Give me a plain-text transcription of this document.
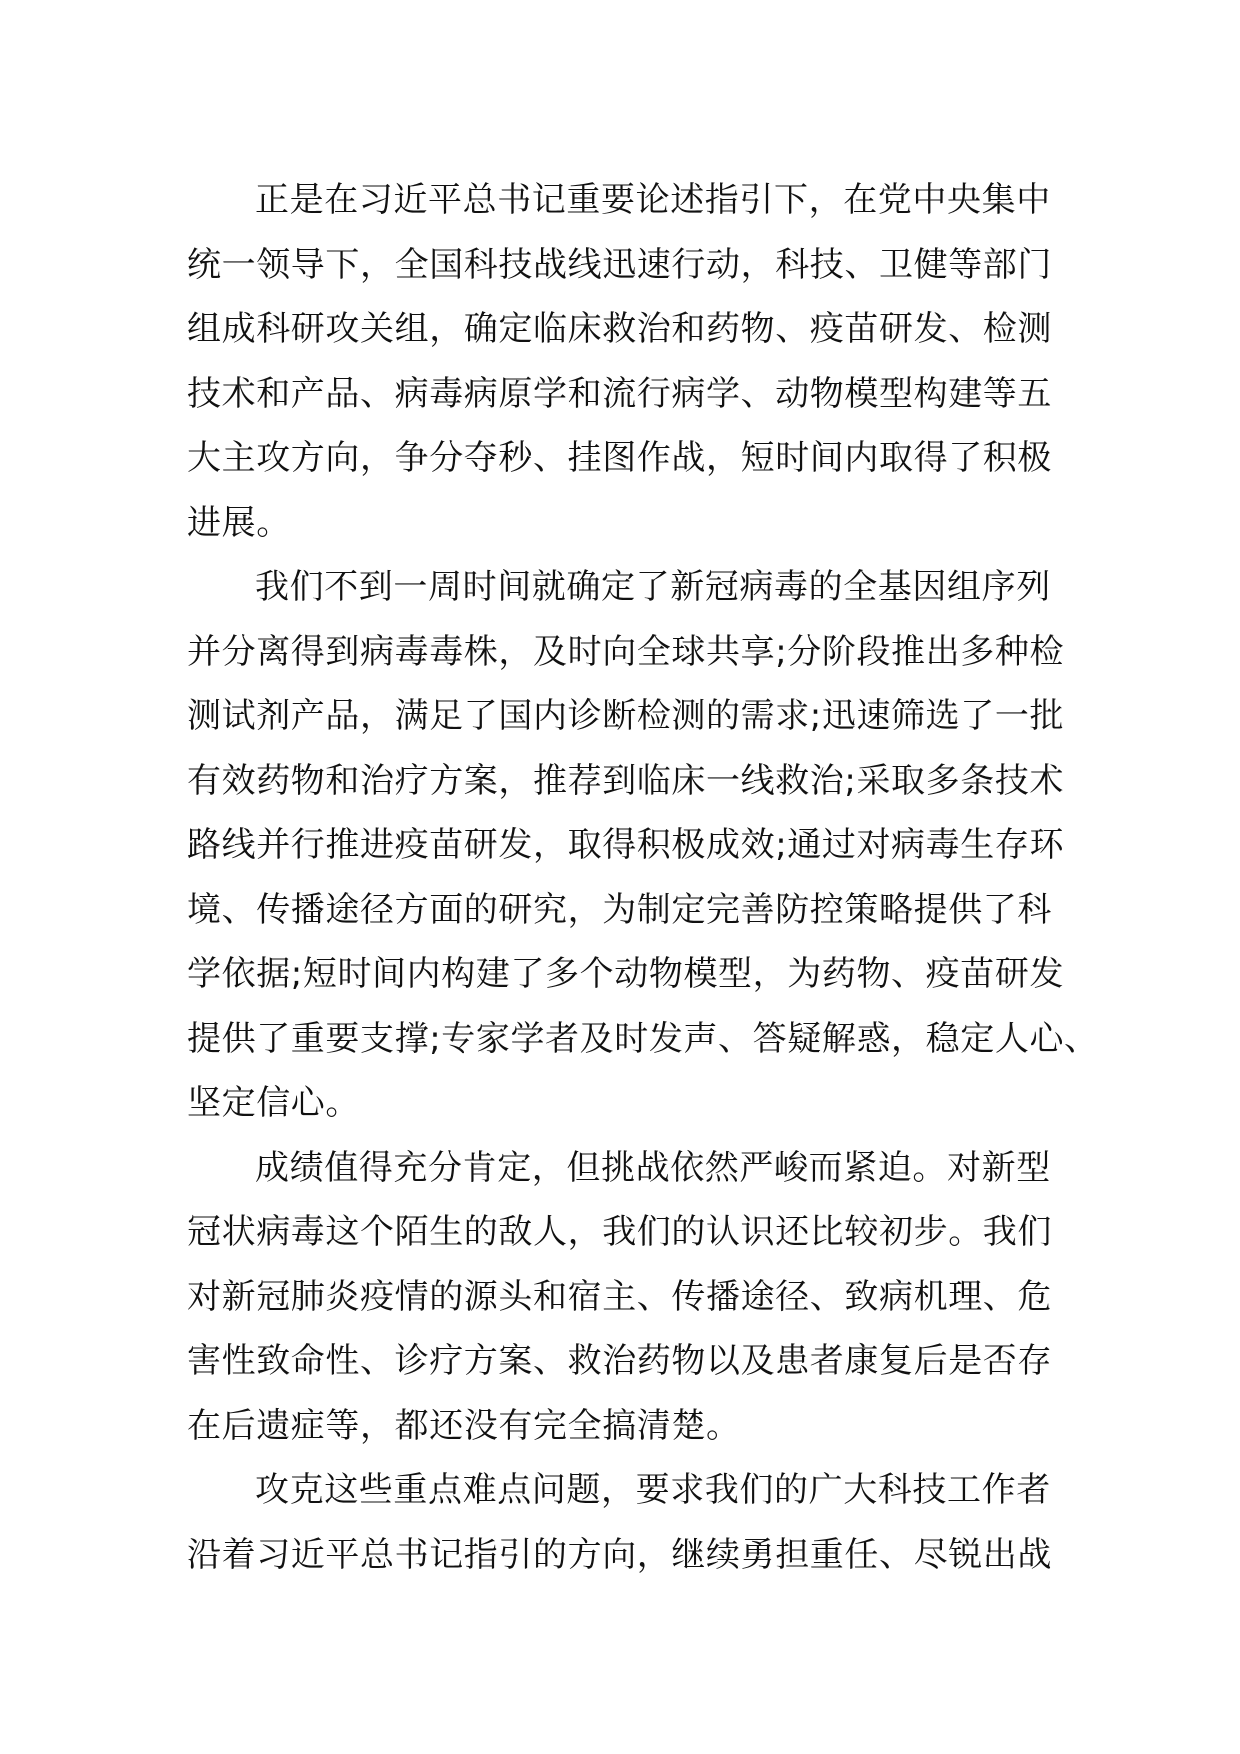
正是在习近平总书记重要论述指引下，在党中央集中
统一领导下，全国科技战线迅速行动，科技、卫健等部门
组成科研攻关组，确定临床救治和药物、疫苗研发、检测
技术和产品、病毒病原学和流行病学、动物模型构建等五
大主攻方向，争分夺秒、挂图作战，短时间内取得了积极
进展。
我们不到一周时间就确定了新冠病毒的全基因组序列
并分离得到病毒毒株，及时向全球共享;分阶段推出多种检
测试剂产品，满足了国内诊断检测的需求;迅速筛选了一批
有效药物和治疗方案，推荐到临床一线救治;采取多条技术
路线并行推进疫苗研发，取得积极成效;通过对病毒生存环
境、传播途径方面的研究，为制定完善防控策略提供了科
学依据;短时间内构建了多个动物模型，为药物、疫苗研发
提供了重要支撑;专家学者及时发声、答疑解惑，稳定人心、
坚定信心。
成绩值得充分肯定，但挑战依然严峻而紧迫。对新型
冠状病毒这个陌生的敌人，我们的认识还比较初步。我们
对新冠肺炎疫情的源头和宿主、传播途径、致病机理、危
害性致命性、诊疗方案、救治药物以及患者康复后是否存
在后遗症等，都还没有完全搞清楚。
攻克这些重点难点问题，要求我们的广大科技工作者
沿着习近平总书记指引的方向，继续勇担重任、尽锐出战
